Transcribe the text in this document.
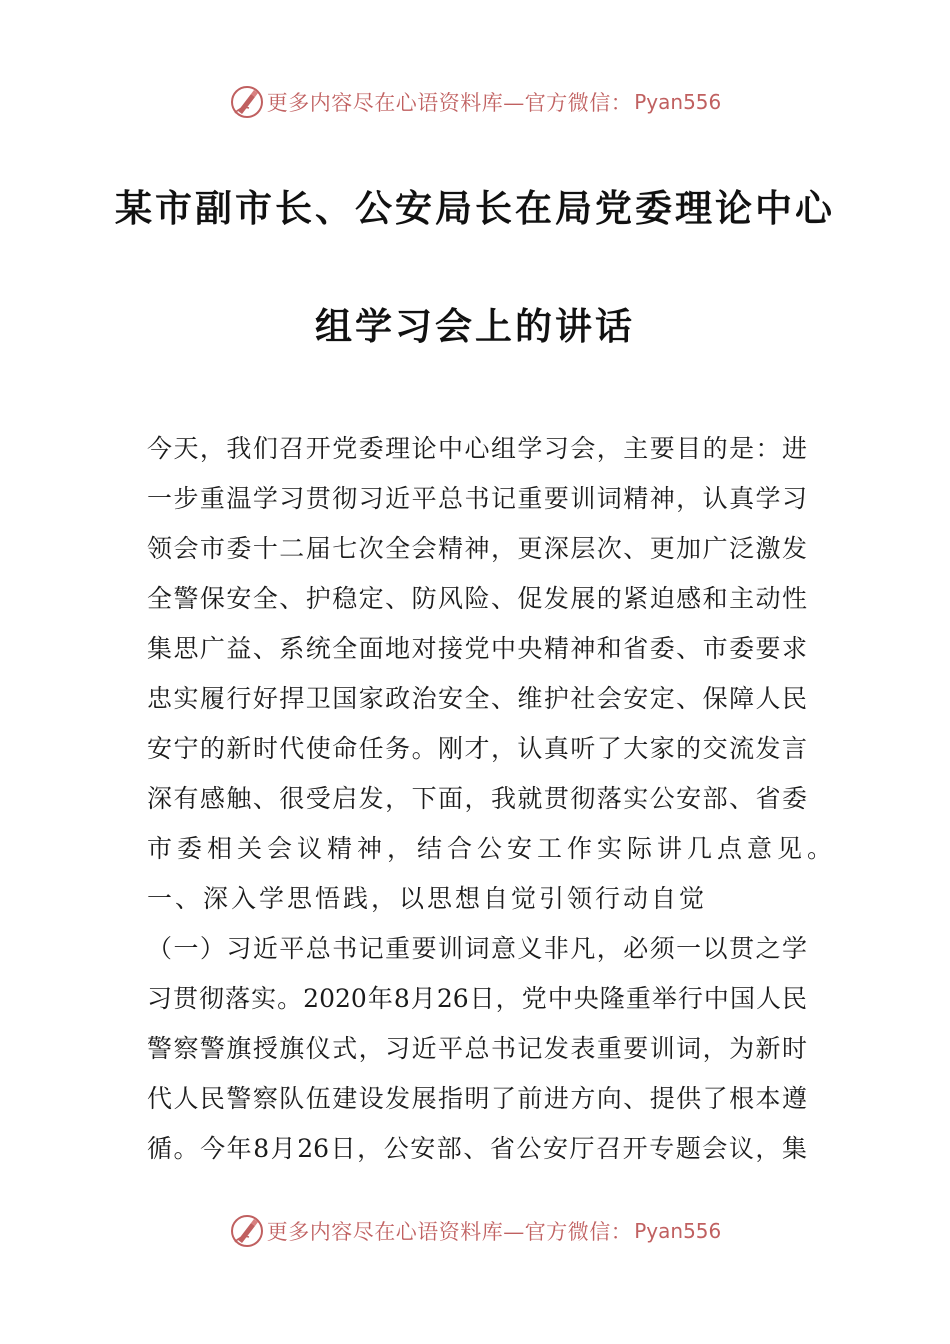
更多内容尽在心语资料库—官方微信： Pyan556
某市副市长、公安局长在局党委理论中心
组学习会上的讲话
今天，我们召开党委理论中心组学习会，主要目的是：进
一步重温学习贯彻习近平总书记重要训词精神，认真学习
领会市委十二届七次全会精神，更深层次、更加广泛激发
全警保安全、护稳定、防风险、促发展的紧迫感和主动性
集思广益、系统全面地对接党中央精神和省委、市委要求
忠实履行好捍卫国家政治安全、维护社会安定、保障人民
安宁的新时代使命任务。刚才，认真听了大家的交流发言
深有感触、很受启发，下面，我就贯彻落实公安部、省委
市委相关会议精神，结合公安工作实际讲几点意见。
一、深入学思悟践，以思想自觉引领行动自觉
（一）习近平总书记重要训词意义非凡，必须一以贯之学
习贯彻落实。2020年8月26日，党中央隆重举行中国人民
警察警旗授旗仪式，习近平总书记发表重要训词，为新时
代人民警察队伍建设发展指明了前进方向、提供了根本遵
循。今年8月26日，公安部、省公安厅召开专题会议，集
更多内容尽在心语资料库—官方微信： Pyan556
